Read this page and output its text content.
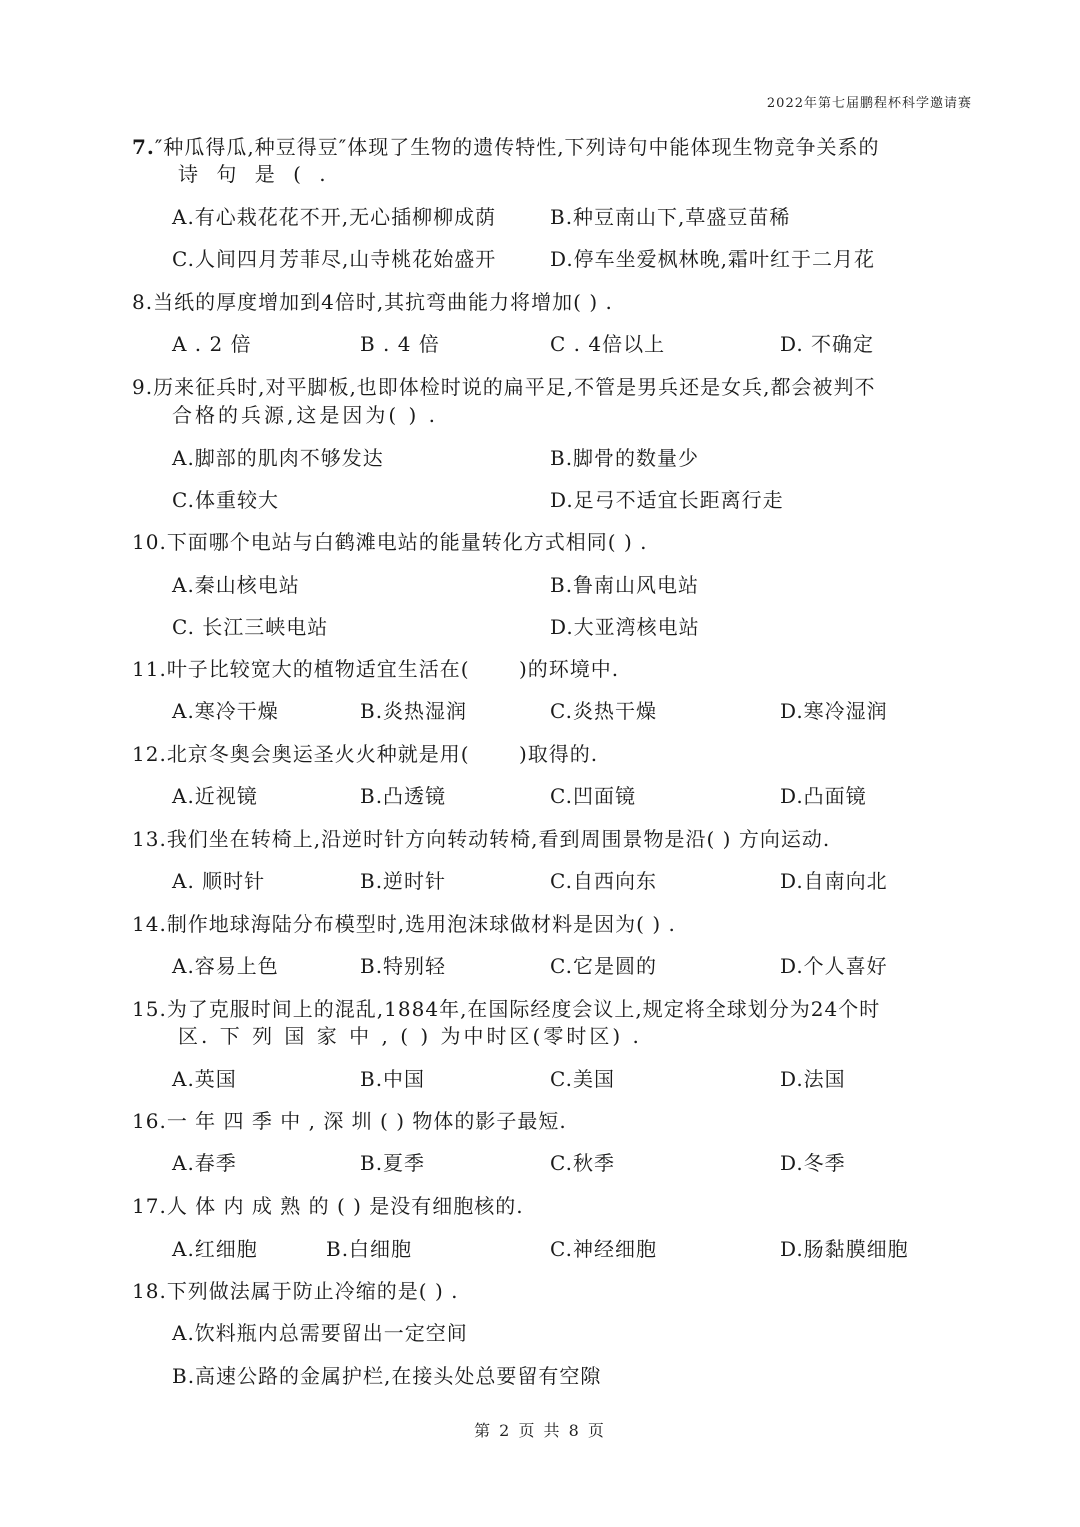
2022年第七届鹏程杯科学邀请赛
7.″种瓜得瓜,种豆得豆″体现了生物的遗传特性,下列诗句中能体现生物竞争关系的
诗 句 是 ( .
A.有心栽花花不开,无心插柳柳成荫	B.种豆南山下,草盛豆苗稀
C.人间四月芳菲尽,山寺桃花始盛开	D.停车坐爱枫林晚,霜叶红于二月花
8.当纸的厚度增加到4倍时,其抗弯曲能力将增加( ) .
A . 2 倍	B . 4 倍	C . 4倍以上	D. 不确定
9.历来征兵时,对平脚板,也即体检时说的扁平足,不管是男兵还是女兵,都会被判不
合格的兵源,这是因为( ) .
A.脚部的肌肉不够发达	B.脚骨的数量少
C.体重较大	D.足弓不适宜长距离行走
10.下面哪个电站与白鹤滩电站的能量转化方式相同( ) .
A.秦山核电站	B.鲁南山风电站
C. 长江三峡电站	D.大亚湾核电站
11.叶子比较宽大的植物适宜生活在(　　 )的环境中.
A.寒冷干燥	B.炎热湿润	C.炎热干燥	D.寒冷湿润
12.北京冬奥会奥运圣火火种就是用(　　 )取得的.
A.近视镜	B.凸透镜	C.凹面镜	D.凸面镜
13.我们坐在转椅上,沿逆时针方向转动转椅,看到周围景物是沿( ) 方向运动.
A. 顺时针	B.逆时针	C.自西向东	D.自南向北
14.制作地球海陆分布模型时,选用泡沫球做材料是因为( ) .
A.容易上色	B.特别轻	C.它是圆的	D.个人喜好
15.为了克服时间上的混乱,1884年,在国际经度会议上,规定将全球划分为24个时
区. 下 列 国 家 中 , ( ) 为中时区(零时区) .
A.英国	B.中国	C.美国	D.法国
16.一 年 四 季 中 , 深 圳 ( ) 物体的影子最短.
A.春季	B.夏季	C.秋季	D.冬季
17.人 体 内 成 熟 的 ( ) 是没有细胞核的.
A.红细胞	B.白细胞	C.神经细胞	D.肠黏膜细胞
18.下列做法属于防止冷缩的是( ) .
A.饮料瓶内总需要留出一定空间
B.高速公路的金属护栏,在接头处总要留有空隙
第 2 页 共 8 页
